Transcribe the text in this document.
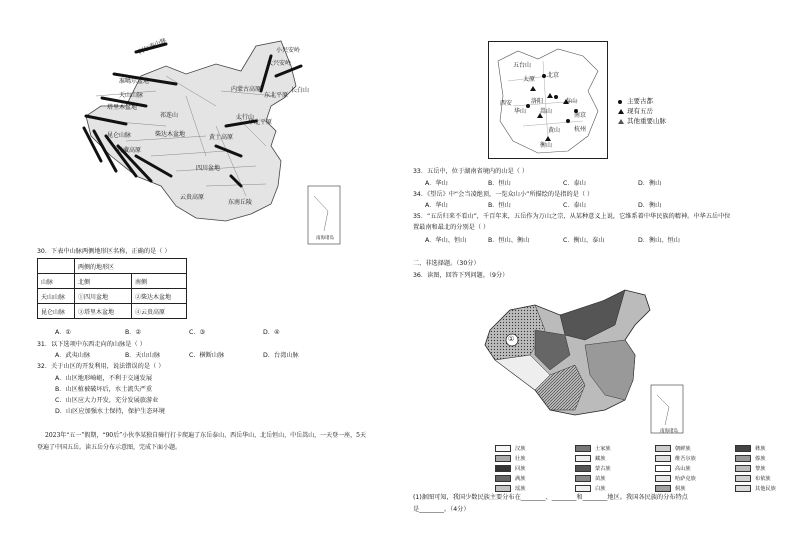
阿尔泰山脉
大兴安岭
准噶尔盆地
天山山脉
塔里木盆地
昆仑山脉
青藏高原
柴达木盆地
祁连山
东北平原
长白山
华北平原
云贵高原
四川盆地
东南丘陵
小兴安岭
内蒙古高原
太行山
黄土高原
南海诸岛
30．下表中山脉两侧地形区名称，正确的是（ ）
	两侧的地形区	
山脉	北侧	南侧
天山山脉	①四川盆地	②柴达木盆地
昆仑山脉	③塔里木盆地	④云贵高原
A．①	B．②	C．③	D．④
31．以下选项中东西走向的山脉是（ ）
A．武夷山脉	B．天山山脉	C．横断山脉	D．台湾山脉
32．关于山区的开发利用，说法错误的是（ ）
A．山区地形崎岖，不利于交通发展
B．山区植被破坏后，水土流失严重
C．山区应大力开发，充分发展旅游业
D．山区应加强水土保持，保护生态环境
2023年“五一”假期，“90后”小伙李某独自骑行打卡爬遍了东岳泰山、西岳华山、北岳恒山、中岳嵩山，一天登一座，5天
登遍了中国五岳。读五岳分布示意图，完成下面小题。
五台山
太原
北京
洛阳
嵩山
泰山
南京
黄山 杭州
华山
衡山
西安	主要古都
现有五岳
其他重要山脉
33．五岳中，位于湖南省境内的山是（ ）
A．华山	B．恒山	C．泰山	D．衡山
34．《望岳》中“会当凌绝顶，一览众山小”所描绘的是指的是（ ）
A．华山	B．恒山	C．泰山	D．衡山
35．“五岳归来不看山”，千百年来，五岳作为万山之宗，从某种意义上说，它维系着中华民族的精神。中华五岳中位
置最南和最北的分别是（ ）
A．华山、恒山	B．恒山、衡山	C．衡山、泰山	D．衡山、恒山
二、非选择题。（30分）
36．读图，回答下列问题。（9分）
①
南海诸岛
汉族	土家族	朝鲜族	彝族
壮族	藏族	维吾尔族	傣族
回族	蒙古族	高山族	黎族
满族	苗族	哈萨克族	布依族
瑶族	白族	侗族	其他民族
(1)据图可知，我国少数民族主要分布在________、________和________地区。我国各民族的分布特点
是________。（4分）
